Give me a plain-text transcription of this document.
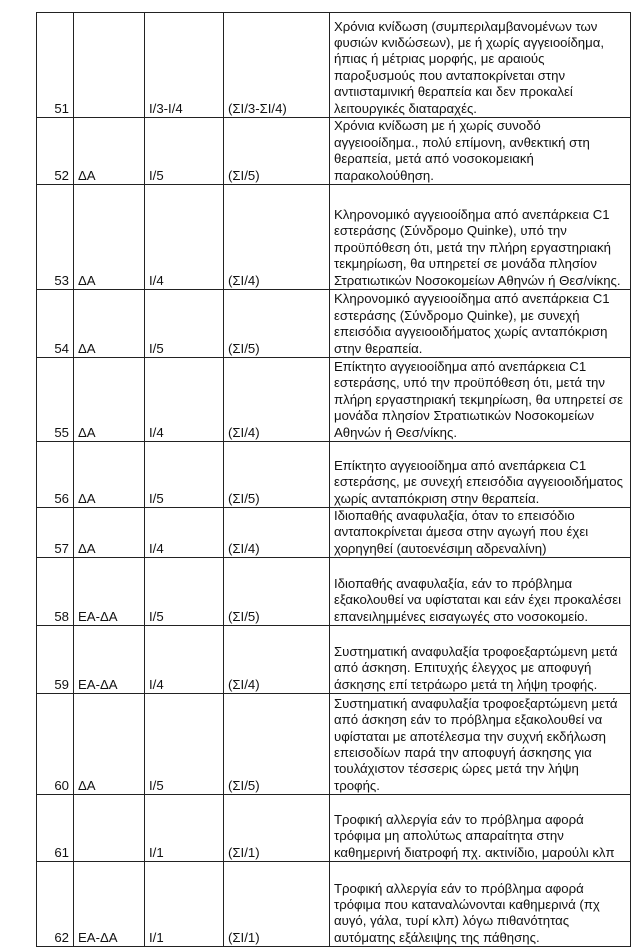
51		Ι/3-Ι/4	(ΣΙ/3-ΣΙ/4)	Χρόνια κνίδωση (συμπεριλαμβανομένων των φυσιών κνιδώσεων), με ή χωρίς αγγειοοίδημα, ήπιας ή μέτριας μορφής, με αραιούς παροξυσμούς που ανταποκρίνεται στην αντιισταμινική θεραπεία και δεν προκαλεί λειτουργικές διαταραχές.
52	ΔΑ	Ι/5	(ΣΙ/5)	Χρόνια κνίδωση με ή χωρίς συνοδό αγγειοοίδημα., πολύ επίμονη, ανθεκτική στη θεραπεία, μετά από νοσοκομειακή παρακολούθηση.
53	ΔΑ	Ι/4	(ΣΙ/4)	Κληρονομικό αγγειοοίδημα από ανεπάρκεια C1 εστεράσης (Σύνδρομο Quinke), υπό την προϋπόθεση ότι, μετά την πλήρη εργαστηριακή τεκμηρίωση, θα υπηρετεί σε μονάδα πλησίον Στρατιωτικών Νοσοκομείων Αθηνών ή Θεσ/νίκης.
54	ΔΑ	Ι/5	(ΣΙ/5)	Κληρονομικό αγγειοοίδημα από ανεπάρκεια C1 εστεράσης (Σύνδρομο Quinke), με συνεχή επεισόδια αγγειοοιδήματος χωρίς ανταπόκριση στην θεραπεία.
55	ΔΑ	Ι/4	(ΣΙ/4)	Επίκτητο αγγειοοίδημα από ανεπάρκεια C1 εστεράσης, υπό την προϋπόθεση ότι, μετά την πλήρη εργαστηριακή τεκμηρίωση, θα υπηρετεί σε μονάδα πλησίον Στρατιωτικών Νοσοκομείων Αθηνών ή Θεσ/νίκης.
56	ΔΑ	Ι/5	(ΣΙ/5)	Επίκτητο αγγειοοίδημα από ανεπάρκεια C1 εστεράσης, με συνεχή επεισόδια αγγειοοιδήματος χωρίς ανταπόκριση στην θεραπεία.
57	ΔΑ	Ι/4	(ΣΙ/4)	Ιδιοπαθής αναφυλαξία, όταν το επεισόδιο ανταποκρίνεται άμεσα στην αγωγή που έχει χορηγηθεί (αυτοενέσιμη αδρεναλίνη)
58	ΕΑ-ΔΑ	Ι/5	(ΣΙ/5)	Ιδιοπαθής αναφυλαξία, εάν το πρόβλημα εξακολουθεί να υφίσταται και εάν έχει προκαλέσει επανειλημμένες εισαγωγές στο νοσοκομείο.
59	ΕΑ-ΔΑ	Ι/4	(ΣΙ/4)	Συστηματική αναφυλαξία τροφοεξαρτώμενη μετά από άσκηση. Επιτυχής έλεγχος με αποφυγή άσκησης επί τετράωρο μετά τη λήψη τροφής.
60	ΔΑ	Ι/5	(ΣΙ/5)	Συστηματική αναφυλαξία τροφοεξαρτώμενη μετά από άσκηση εάν το πρόβλημα εξακολουθεί να υφίσταται με αποτέλεσμα την συχνή εκδήλωση επεισοδίων παρά την αποφυγή άσκησης για τουλάχιστον τέσσερις ώρες μετά την λήψη τροφής.
61		Ι/1	(ΣΙ/1)	Τροφική αλλεργία εάν το πρόβλημα αφορά τρόφιμα μη απολύτως απαραίτητα στην καθημερινή διατροφή πχ. ακτινίδιο, μαρούλι κλπ
62	ΕΑ-ΔΑ	Ι/1	(ΣΙ/1)	Τροφική αλλεργία εάν το πρόβλημα αφορά τρόφιμα που καταναλώνονται καθημερινά (πχ αυγό, γάλα, τυρί κλπ) λόγω πιθανότητας αυτόματης εξάλειψης της πάθησης.
